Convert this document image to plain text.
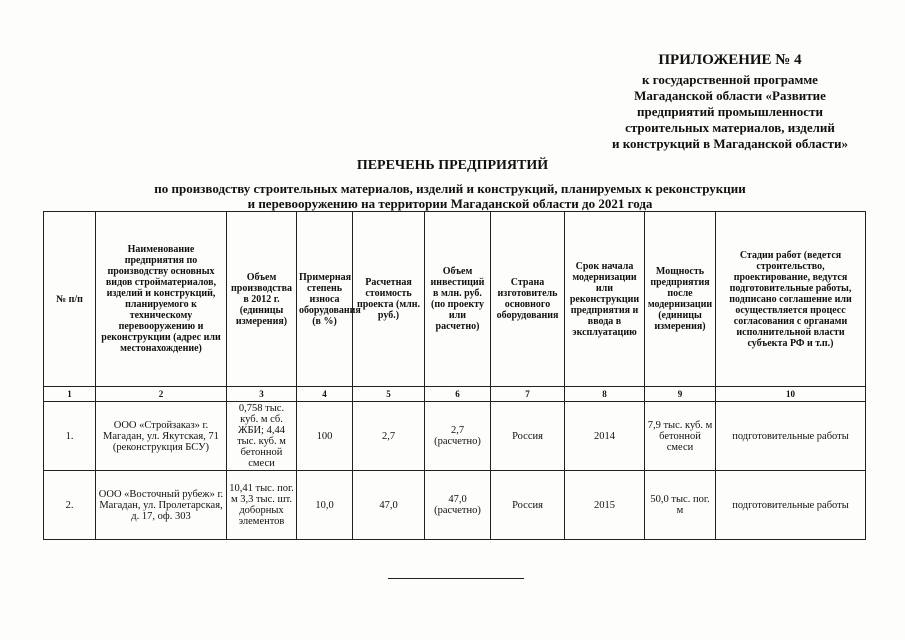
ПРИЛОЖЕНИЕ № 4
к государственной программе
Магаданской области «Развитие
предприятий промышленности
строительных материалов, изделий
и конструкций в Магаданской области»
ПЕРЕЧЕНЬ ПРЕДПРИЯТИЙ
по производству строительных материалов, изделий и конструкций, планируемых к реконструкции
и перевооружению на территории Магаданской области до 2021 года
№ п/п	Наименование предприятия по производству основных видов стройматериалов, изделий и конструкций, планируемого к техническому перевооружению и реконструкции (адрес или местонахождение)	Объем производства в 2012 г. (единицы измерения)	Примерная степень износа оборудования (в %)	Расчетная стоимость проекта (млн. руб.)	Объем инвестиций в млн. руб. (по проекту или расчетно)	Страна изготовитель основного оборудования	Срок начала модернизации или реконструкции предприятия и ввода в эксплуатацию	Мощность предприятия после модернизации (единицы измерения)	Стадии работ (ведется строительство, проектирование, ведутся подготовительные работы, подписано соглашение или осуществляется процесс согласования с органами исполнительной власти субъекта РФ и т.п.)
1	2	3	4	5	6	7	8	9	10
1.	ООО «Стройзаказ» г. Магадан, ул. Якутская, 71 (реконструкция БСУ)	0,758 тыс. куб. м сб. ЖБИ; 4,44 тыс. куб. м бетонной смеси	100	2,7	2,7 (расчетно)	Россия	2014	7,9 тыс. куб. м бетонной смеси	подготовительные работы
2.	ООО «Восточный рубеж» г. Магадан, ул. Пролетарская, д. 17, оф. 303	10,41 тыс. пог. м 3,3 тыс. шт. доборных элементов	10,0	47,0	47,0 (расчетно)	Россия	2015	50,0 тыс. пог. м	подготовительные работы
